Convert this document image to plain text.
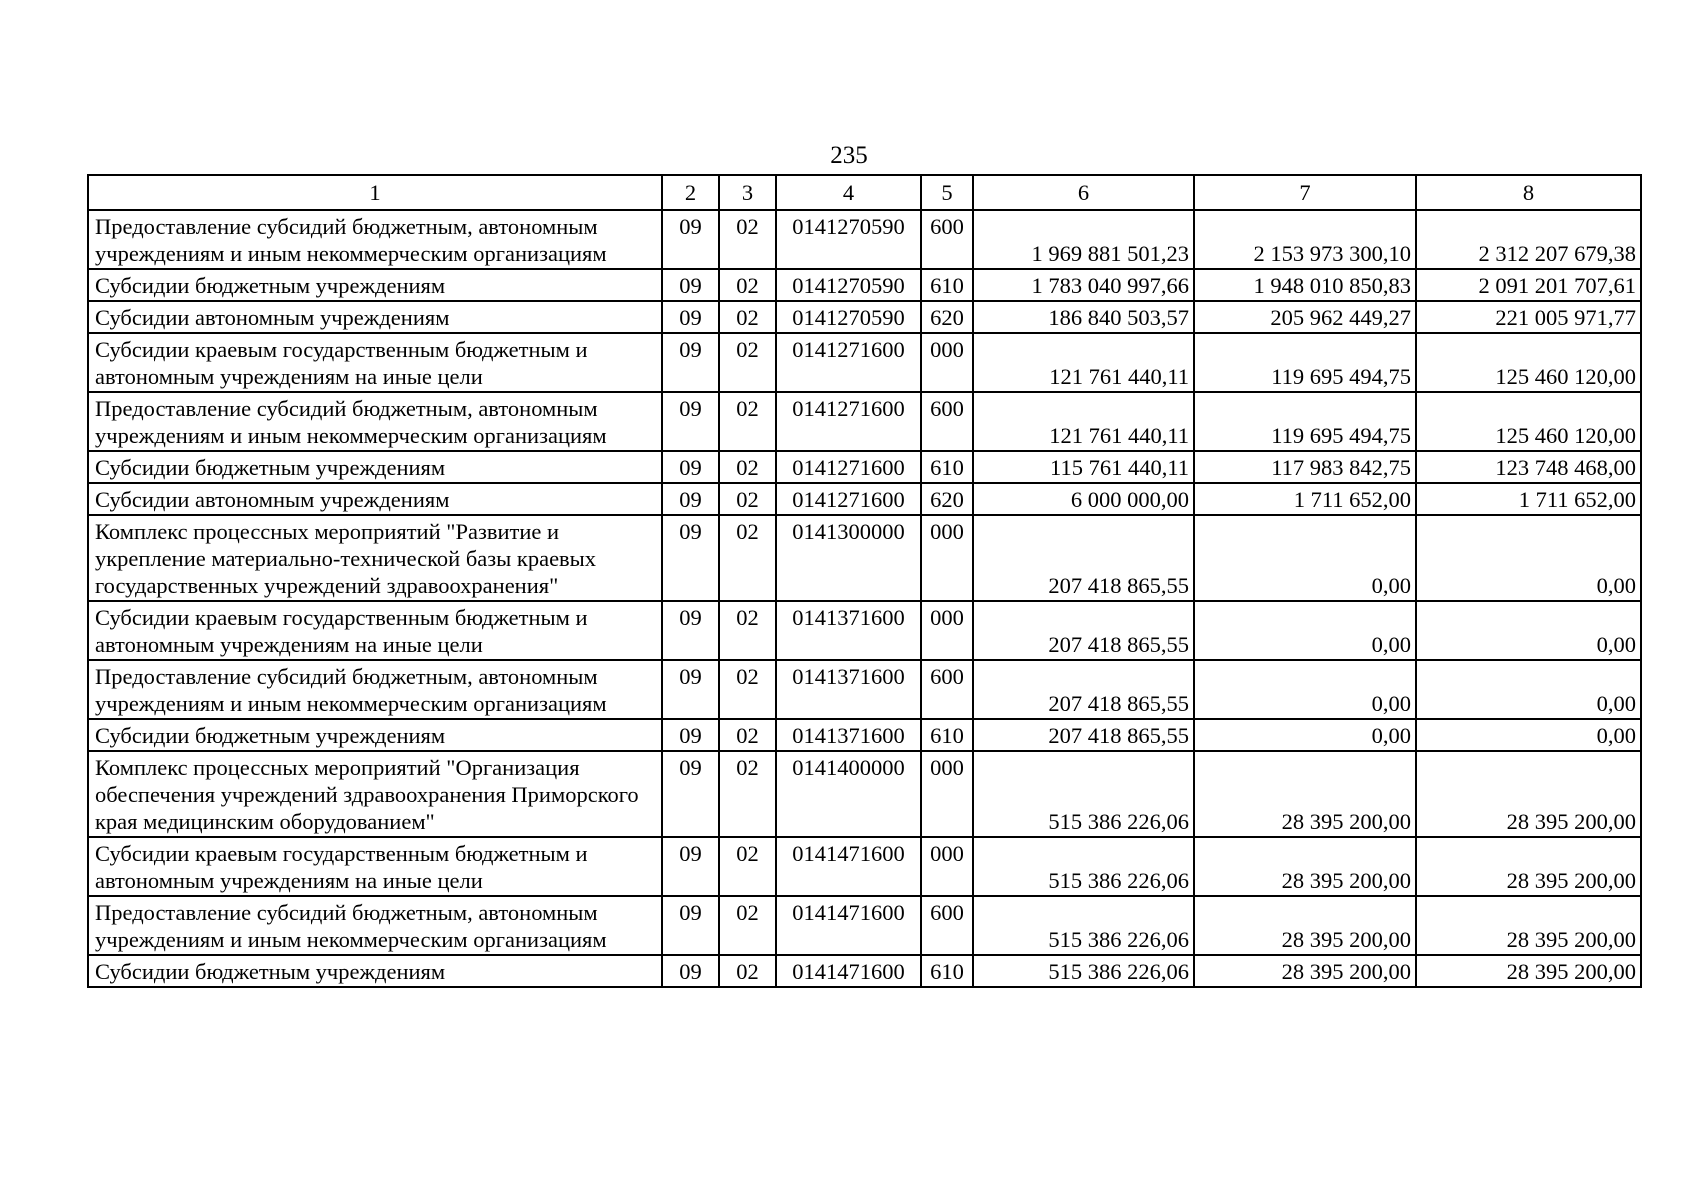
235
1	2	3	4	5	6	7	8
Предоставление субсидий бюджетным, автономным учреждениям и иным некоммерческим организациям	09	02	0141270590	600	1 969 881 501,23	2 153 973 300,10	2 312 207 679,38
Субсидии бюджетным учреждениям	09	02	0141270590	610	1 783 040 997,66	1 948 010 850,83	2 091 201 707,61
Субсидии автономным учреждениям	09	02	0141270590	620	186 840 503,57	205 962 449,27	221 005 971,77
Субсидии краевым государственным бюджетным и автономным учреждениям на иные цели	09	02	0141271600	000	121 761 440,11	119 695 494,75	125 460 120,00
Предоставление субсидий бюджетным, автономным учреждениям и иным некоммерческим организациям	09	02	0141271600	600	121 761 440,11	119 695 494,75	125 460 120,00
Субсидии бюджетным учреждениям	09	02	0141271600	610	115 761 440,11	117 983 842,75	123 748 468,00
Субсидии автономным учреждениям	09	02	0141271600	620	6 000 000,00	1 711 652,00	1 711 652,00
Комплекс процессных мероприятий "Развитие и укрепление материально-технической базы краевых государственных учреждений здравоохранения"	09	02	0141300000	000	207 418 865,55	0,00	0,00
Субсидии краевым государственным бюджетным и автономным учреждениям на иные цели	09	02	0141371600	000	207 418 865,55	0,00	0,00
Предоставление субсидий бюджетным, автономным учреждениям и иным некоммерческим организациям	09	02	0141371600	600	207 418 865,55	0,00	0,00
Субсидии бюджетным учреждениям	09	02	0141371600	610	207 418 865,55	0,00	0,00
Комплекс процессных мероприятий "Организация обеспечения учреждений здравоохранения Приморского края медицинским оборудованием"	09	02	0141400000	000	515 386 226,06	28 395 200,00	28 395 200,00
Субсидии краевым государственным бюджетным и автономным учреждениям на иные цели	09	02	0141471600	000	515 386 226,06	28 395 200,00	28 395 200,00
Предоставление субсидий бюджетным, автономным учреждениям и иным некоммерческим организациям	09	02	0141471600	600	515 386 226,06	28 395 200,00	28 395 200,00
Субсидии бюджетным учреждениям	09	02	0141471600	610	515 386 226,06	28 395 200,00	28 395 200,00
